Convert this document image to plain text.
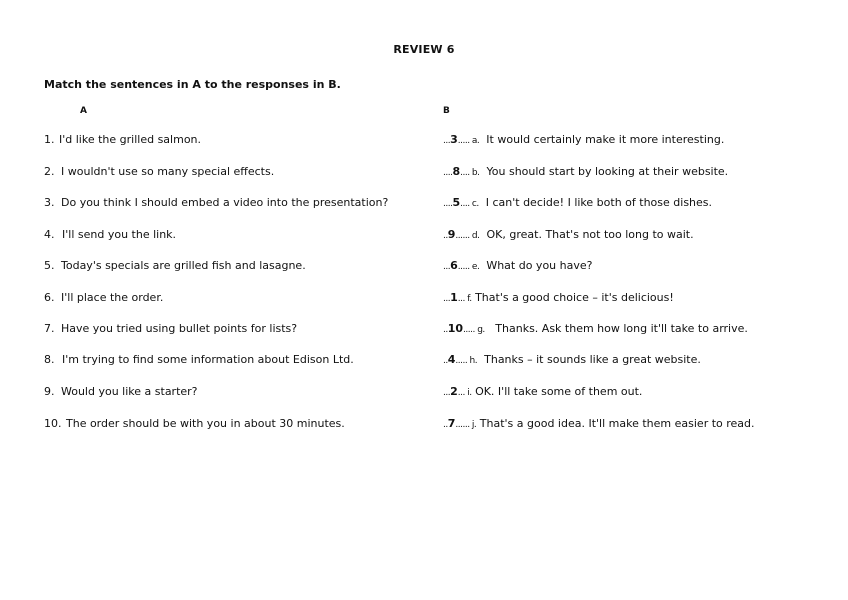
REVIEW 6
Match the sentences in A to the responses in B.
A	B
1. I'd like the grilled salmon.
2. I wouldn't use so many special effects.
3. Do you think I should embed a video into the presentation?
4. I'll send you the link.
5. Today's specials are grilled fish and lasagne.
6. I'll place the order.
7. Have you tried using bullet points for lists?
8. I'm trying to find some information about Edison Ltd.
9. Would you like a starter?
10. The order should be with you in about 30 minutes.
...3..... a. It would certainly make it more interesting.
....8.... b. You should start by looking at their website.
....5.... c. I can't decide! I like both of those dishes.
..9...... d. OK, great. That's not too long to wait.
...6..... e. What do you have?
...1... f. That's a good choice – it's delicious!
..10..... g. Thanks. Ask them how long it'll take to arrive.
..4..... h. Thanks – it sounds like a great website.
...2... i. OK. I'll take some of them out.
..7...... j. That's a good idea. It'll make them easier to read.
